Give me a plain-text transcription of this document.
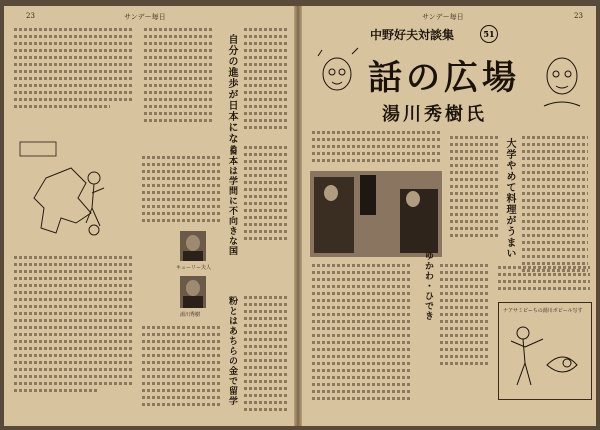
23	サンデー毎日
自分の進歩が日本になる
日本は学問に不向きな国
キューリー夫人
湯川秀樹	粉とはあちらの金で留学
サンデー毎日	23
中野好夫対談集	51
話の広場
湯川秀樹氏
ゆかわ・ひでき
大学やめて料理がうまい
ナアサミピーちの湯川ボビール写す
